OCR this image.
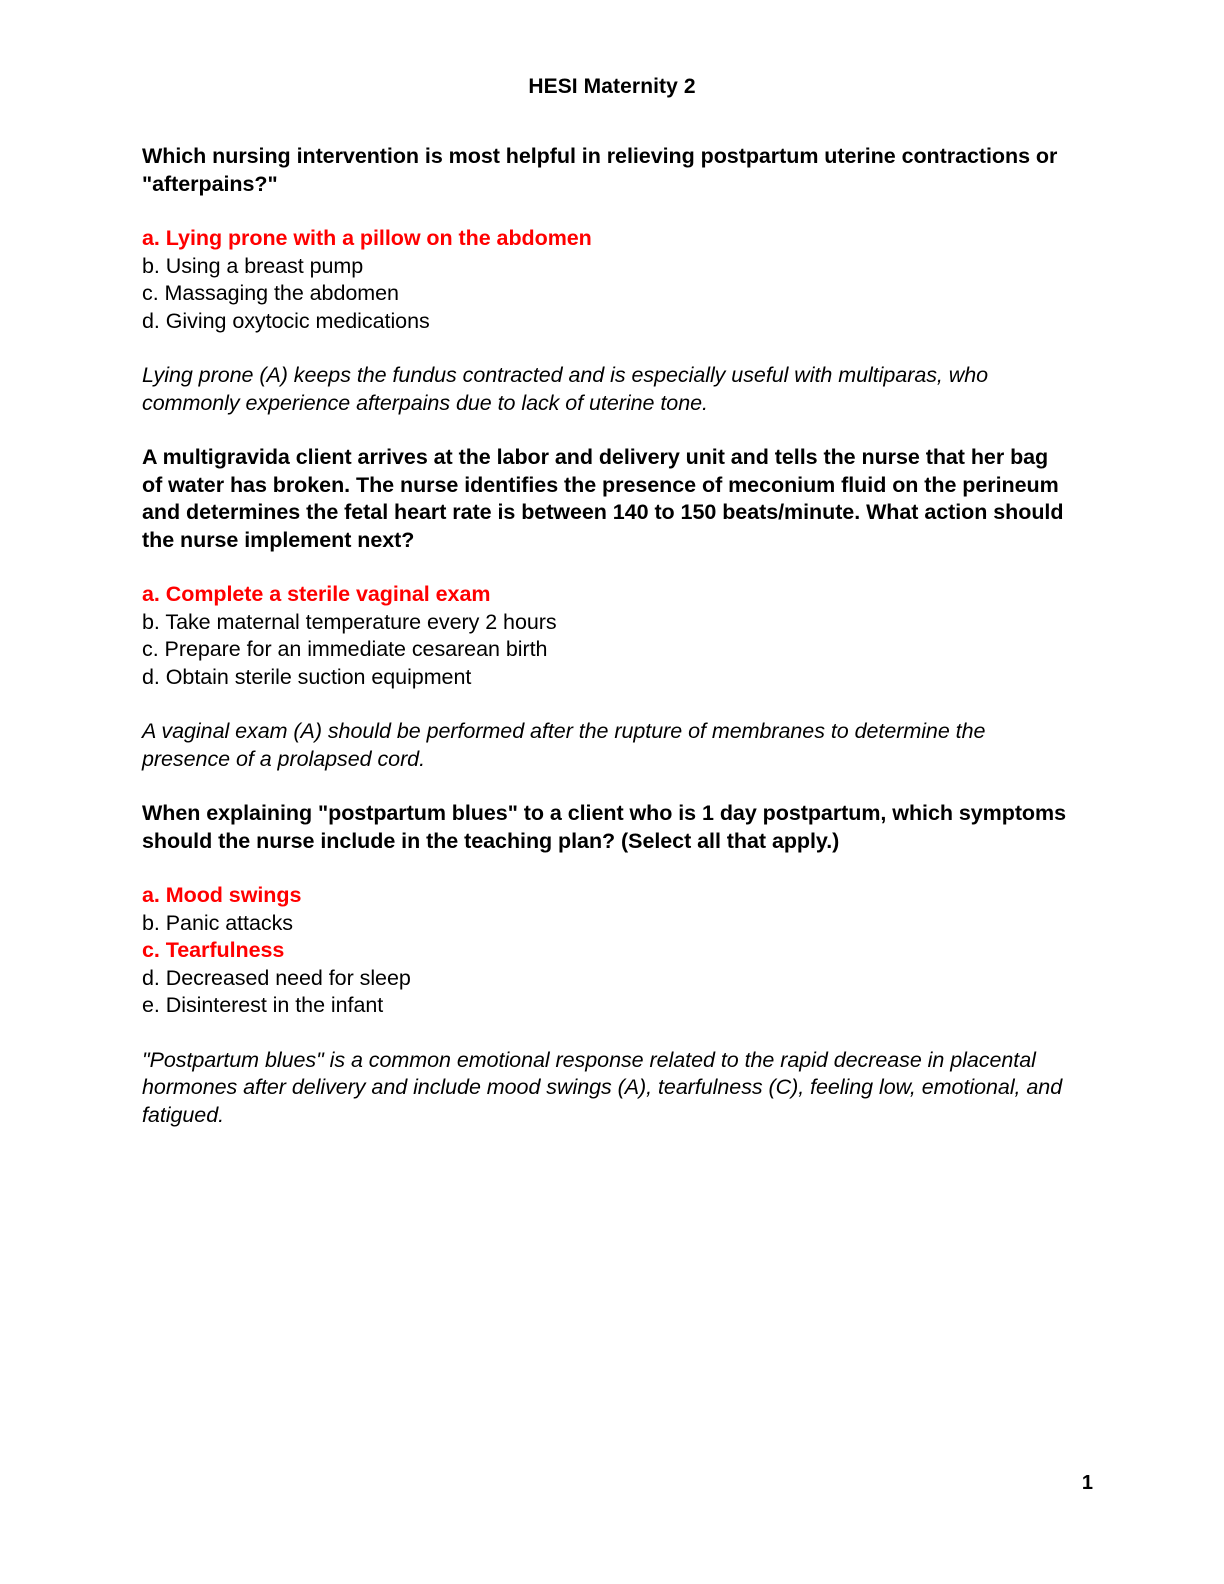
HESI Maternity 2

Which nursing intervention is most helpful in relieving postpartum uterine contractions or "afterpains?"

a. Lying prone with a pillow on the abdomen
b. Using a breast pump
c. Massaging the abdomen
d. Giving oxytocic medications

Lying prone (A) keeps the fundus contracted and is especially useful with multiparas, who commonly experience afterpains due to lack of uterine tone.

A multigravida client arrives at the labor and delivery unit and tells the nurse that her bag of water has broken. The nurse identifies the presence of meconium fluid on the perineum and determines the fetal heart rate is between 140 to 150 beats/minute. What action should the nurse implement next?

a. Complete a sterile vaginal exam
b. Take maternal temperature every 2 hours
c. Prepare for an immediate cesarean birth
d. Obtain sterile suction equipment

A vaginal exam (A) should be performed after the rupture of membranes to determine the presence of a prolapsed cord.

When explaining "postpartum blues" to a client who is 1 day postpartum, which symptoms should the nurse include in the teaching plan? (Select all that apply.)

a. Mood swings
b. Panic attacks
c. Tearfulness
d. Decreased need for sleep
e. Disinterest in the infant

"Postpartum blues" is a common emotional response related to the rapid decrease in placental hormones after delivery and include mood swings (A), tearfulness (C), feeling low, emotional, and fatigued.

1
